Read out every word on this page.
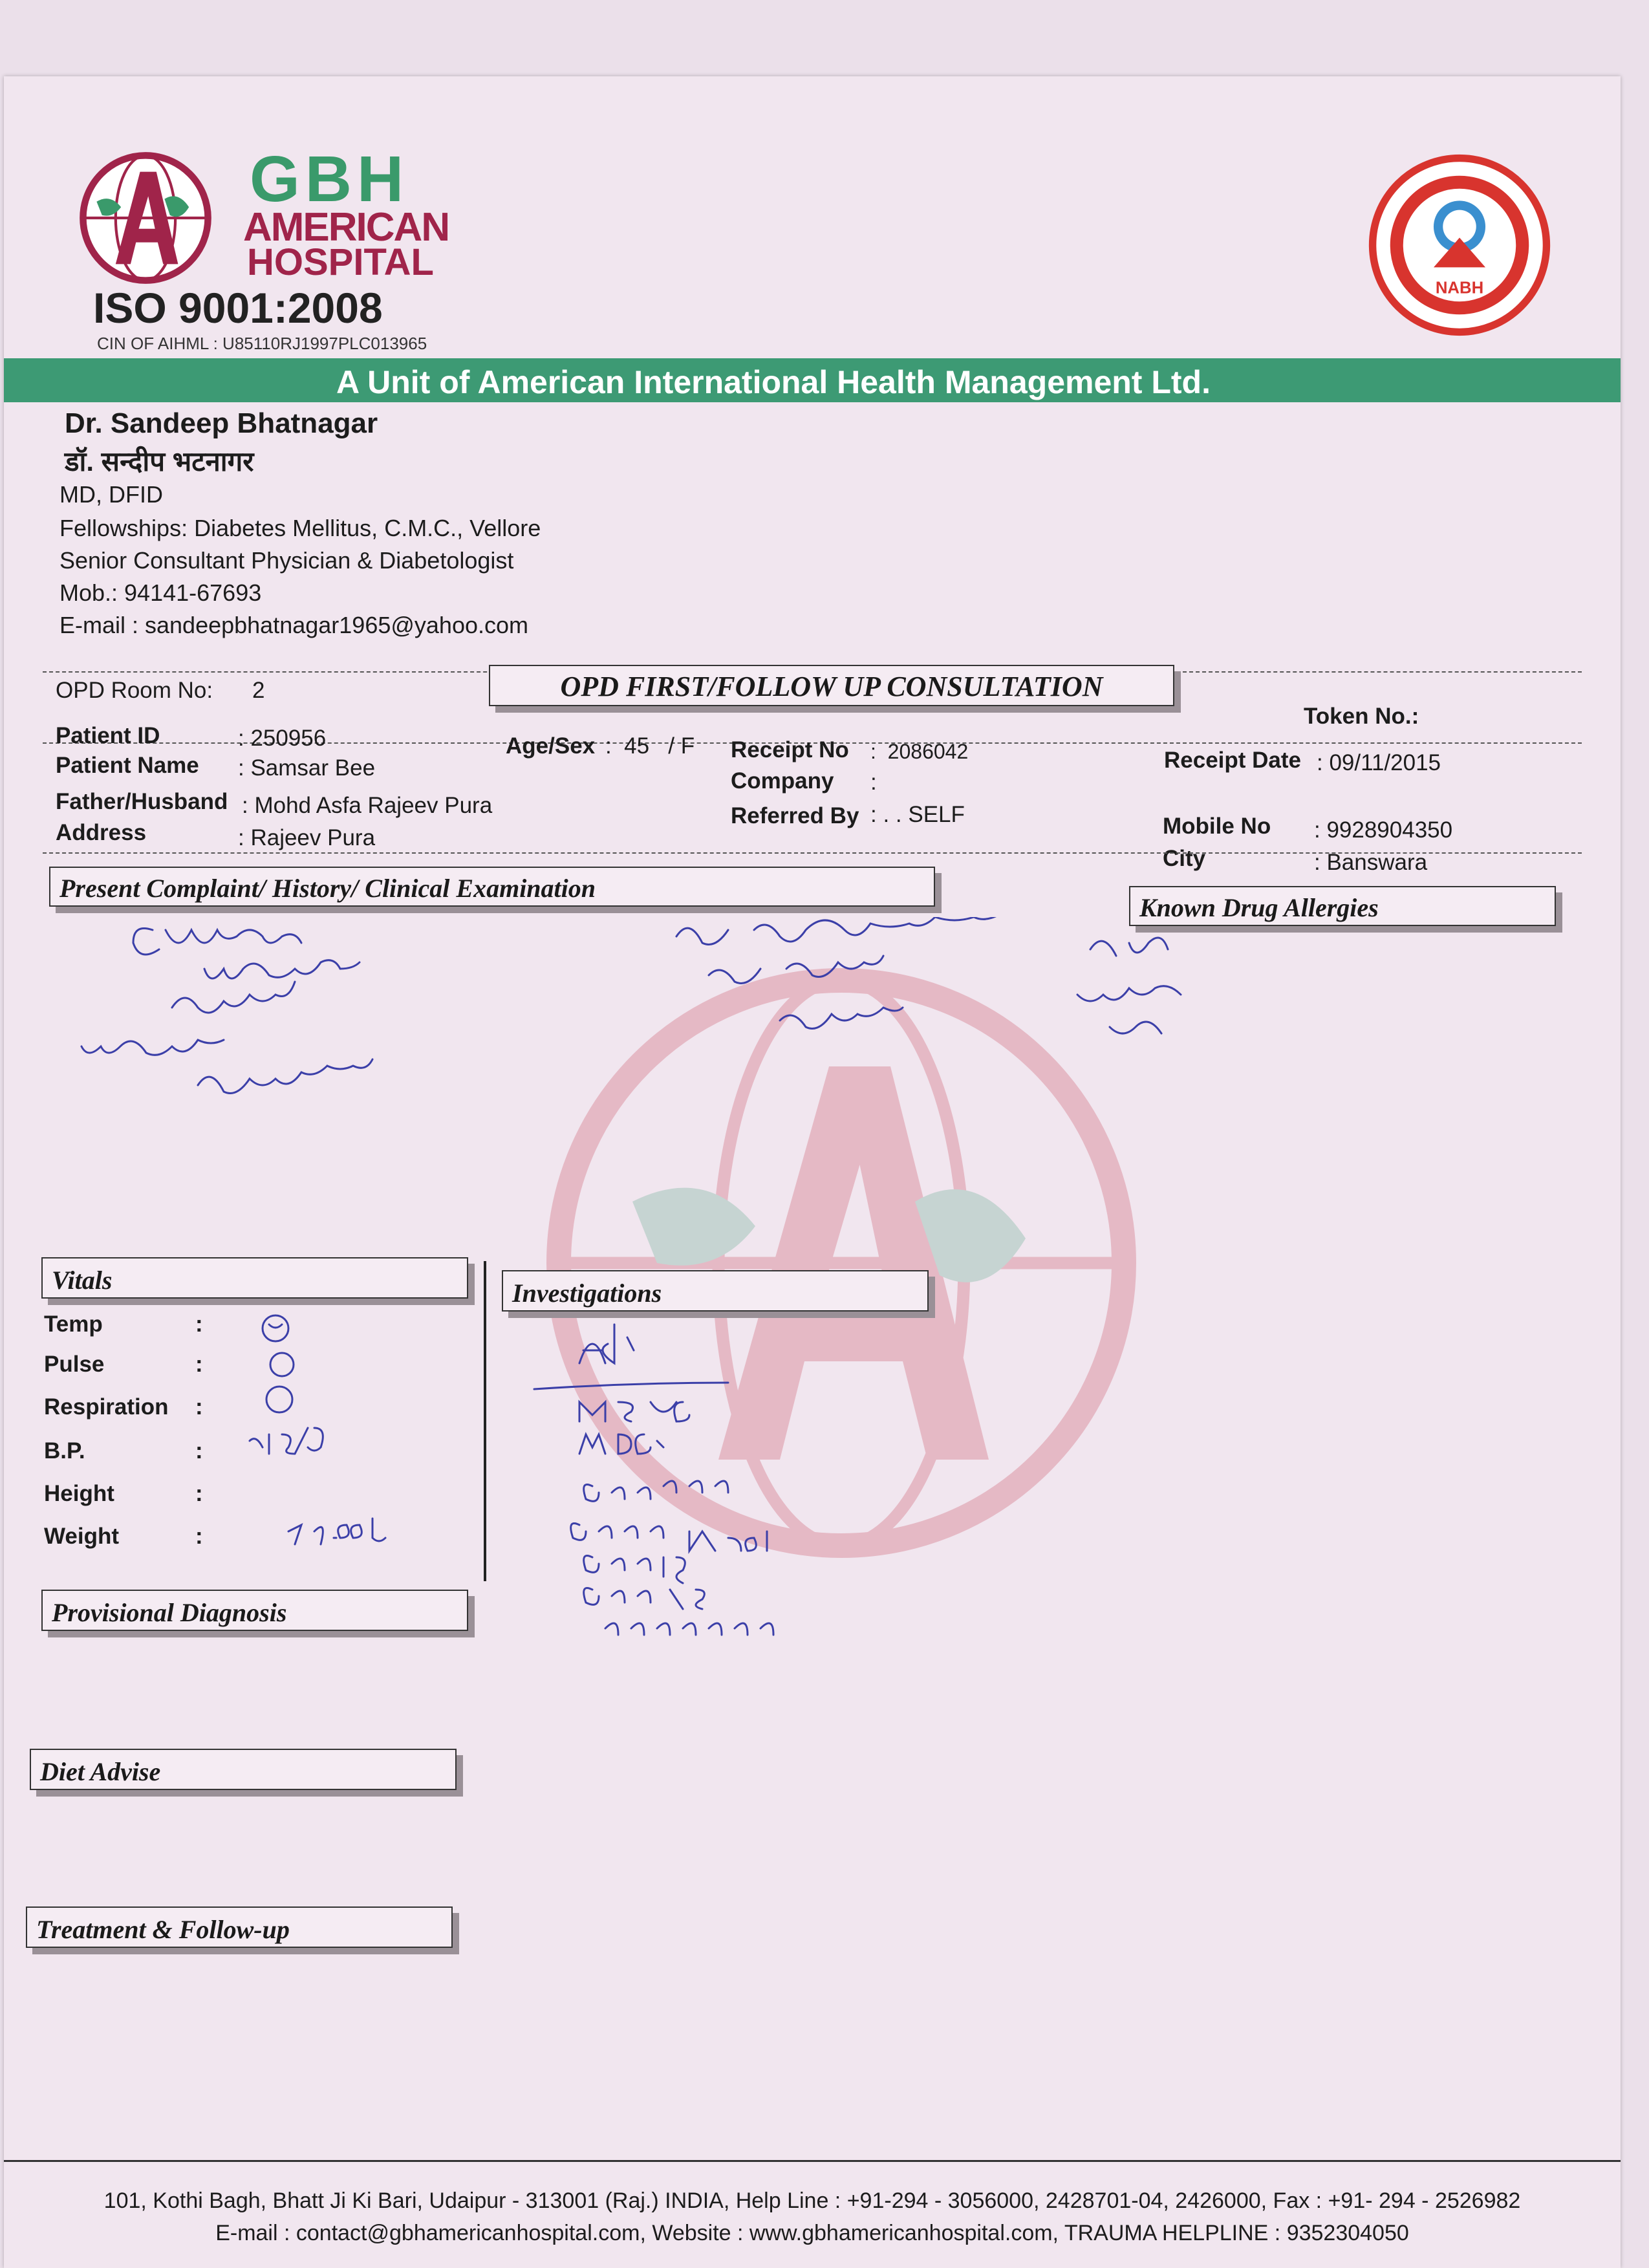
GBH
AMERICAN
HOSPITAL
ISO 9001:2008
CIN OF AIHML : U85110RJ1997PLC013965
NABH
A Unit of American International Health Management Ltd.
Dr. Sandeep Bhatnagar
डॉ. सन्दीप भटनागर
MD, DFID
Fellowships: Diabetes Mellitus, C.M.C., Vellore
Senior Consultant Physician & Diabetologist
Mob.: 94141-67693
E-mail : sandeepbhatnagar1965@yahoo.com
OPD Room No: 2	OPD FIRST/FOLLOW UP CONSULTATION
Token No.:
Patient ID	: 250956
Patient Name : Samsar Bee
Father/Husband : Mohd Asfa Rajeev Pura
Address	: Rajeev Pura
Age/Sex :  45   / F Receipt No :  2086042
Company :
Referred By : . . SELF
Receipt Date : 09/11/2015
Mobile No : 9928904350
City	: Banswara
Present Complaint/ History/ Clinical Examination
Known Drug Allergies
Vitals
Temp	:
Pulse	:
Respiration :
B.P.	:
Height	:
Weight	:
Investigations
Provisional Diagnosis
Diet Advise
Treatment & Follow-up
101, Kothi Bagh, Bhatt Ji Ki Bari, Udaipur - 313001 (Raj.) INDIA, Help Line : +91-294 - 3056000, 2428701-04, 2426000, Fax : +91- 294 - 2526982
E-mail : contact@gbhamericanhospital.com, Website : www.gbhamericanhospital.com, TRAUMA HELPLINE : 9352304050
